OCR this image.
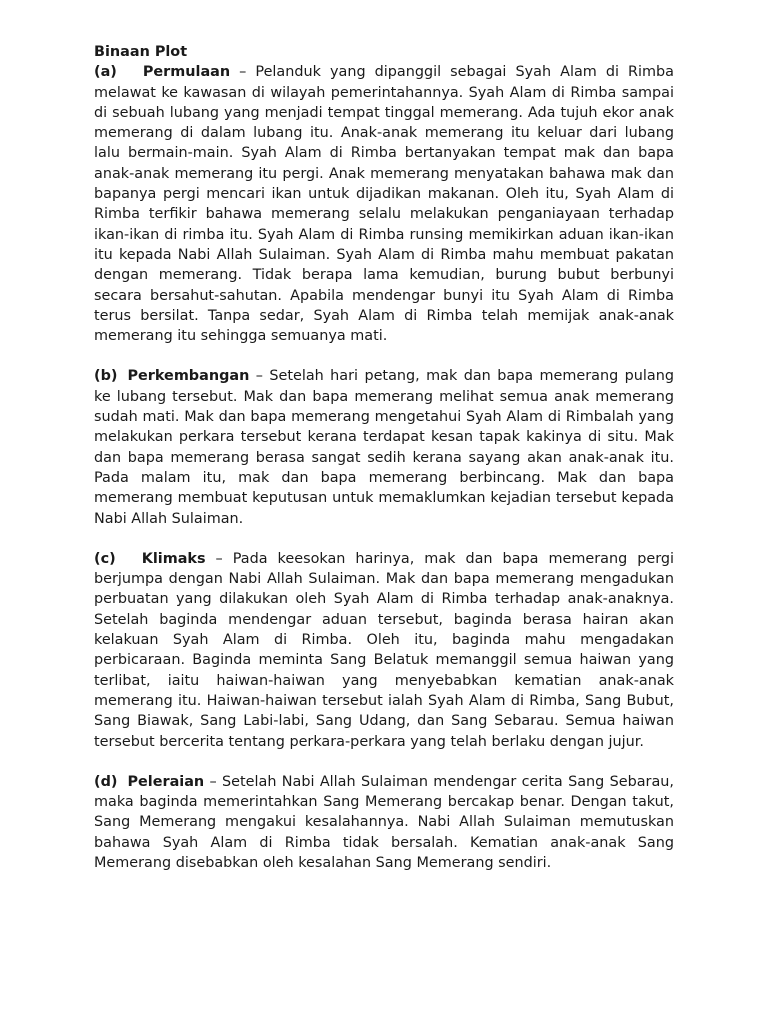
Binaan Plot

(a) Permulaan – Pelanduk yang dipanggil sebagai Syah Alam di Rimba melawat ke kawasan di wilayah pemerintahannya. Syah Alam di Rimba sampai di sebuah lubang yang menjadi tempat tinggal memerang. Ada tujuh ekor anak memerang di dalam lubang itu. Anak-anak memerang itu keluar dari lubang lalu bermain-main. Syah Alam di Rimba bertanyakan tempat mak dan bapa anak-anak memerang itu pergi. Anak memerang menyatakan bahawa mak dan bapanya pergi mencari ikan untuk dijadikan makanan. Oleh itu, Syah Alam di Rimba terfikir bahawa memerang selalu melakukan penganiayaan terhadap ikan-ikan di rimba itu. Syah Alam di Rimba runsing memikirkan aduan ikan-ikan itu kepada Nabi Allah Sulaiman. Syah Alam di Rimba mahu membuat pakatan dengan memerang. Tidak berapa lama kemudian, burung bubut berbunyi secara bersahut-sahutan. Apabila mendengar bunyi itu Syah Alam di Rimba terus bersilat. Tanpa sedar, Syah Alam di Rimba telah memijak anak-anak memerang itu sehingga semuanya mati.

(b) Perkembangan – Setelah hari petang, mak dan bapa memerang pulang ke lubang tersebut. Mak dan bapa memerang melihat semua anak memerang sudah mati. Mak dan bapa memerang mengetahui Syah Alam di Rimbalah yang melakukan perkara tersebut kerana terdapat kesan tapak kakinya di situ. Mak dan bapa memerang berasa sangat sedih kerana sayang akan anak-anak itu. Pada malam itu, mak dan bapa memerang berbincang. Mak dan bapa memerang membuat keputusan untuk memaklumkan kejadian tersebut kepada Nabi Allah Sulaiman.

(c) Klimaks – Pada keesokan harinya, mak dan bapa memerang pergi berjumpa dengan Nabi Allah Sulaiman. Mak dan bapa memerang mengadukan perbuatan yang dilakukan oleh Syah Alam di Rimba terhadap anak-anaknya. Setelah baginda mendengar aduan tersebut, baginda berasa hairan akan kelakuan Syah Alam di Rimba. Oleh itu, baginda mahu mengadakan perbicaraan. Baginda meminta Sang Belatuk memanggil semua haiwan yang terlibat, iaitu haiwan-haiwan yang menyebabkan kematian anak-anak memerang itu. Haiwan-haiwan tersebut ialah Syah Alam di Rimba, Sang Bubut, Sang Biawak, Sang Labi-labi, Sang Udang, dan Sang Sebarau. Semua haiwan tersebut bercerita tentang perkara-perkara yang telah berlaku dengan jujur.

(d) Peleraian – Setelah Nabi Allah Sulaiman mendengar cerita Sang Sebarau, maka baginda memerintahkan Sang Memerang bercakap benar. Dengan takut, Sang Memerang mengakui kesalahannya. Nabi Allah Sulaiman memutuskan bahawa Syah Alam di Rimba tidak bersalah. Kematian anak-anak Sang Memerang disebabkan oleh kesalahan Sang Memerang sendiri.
